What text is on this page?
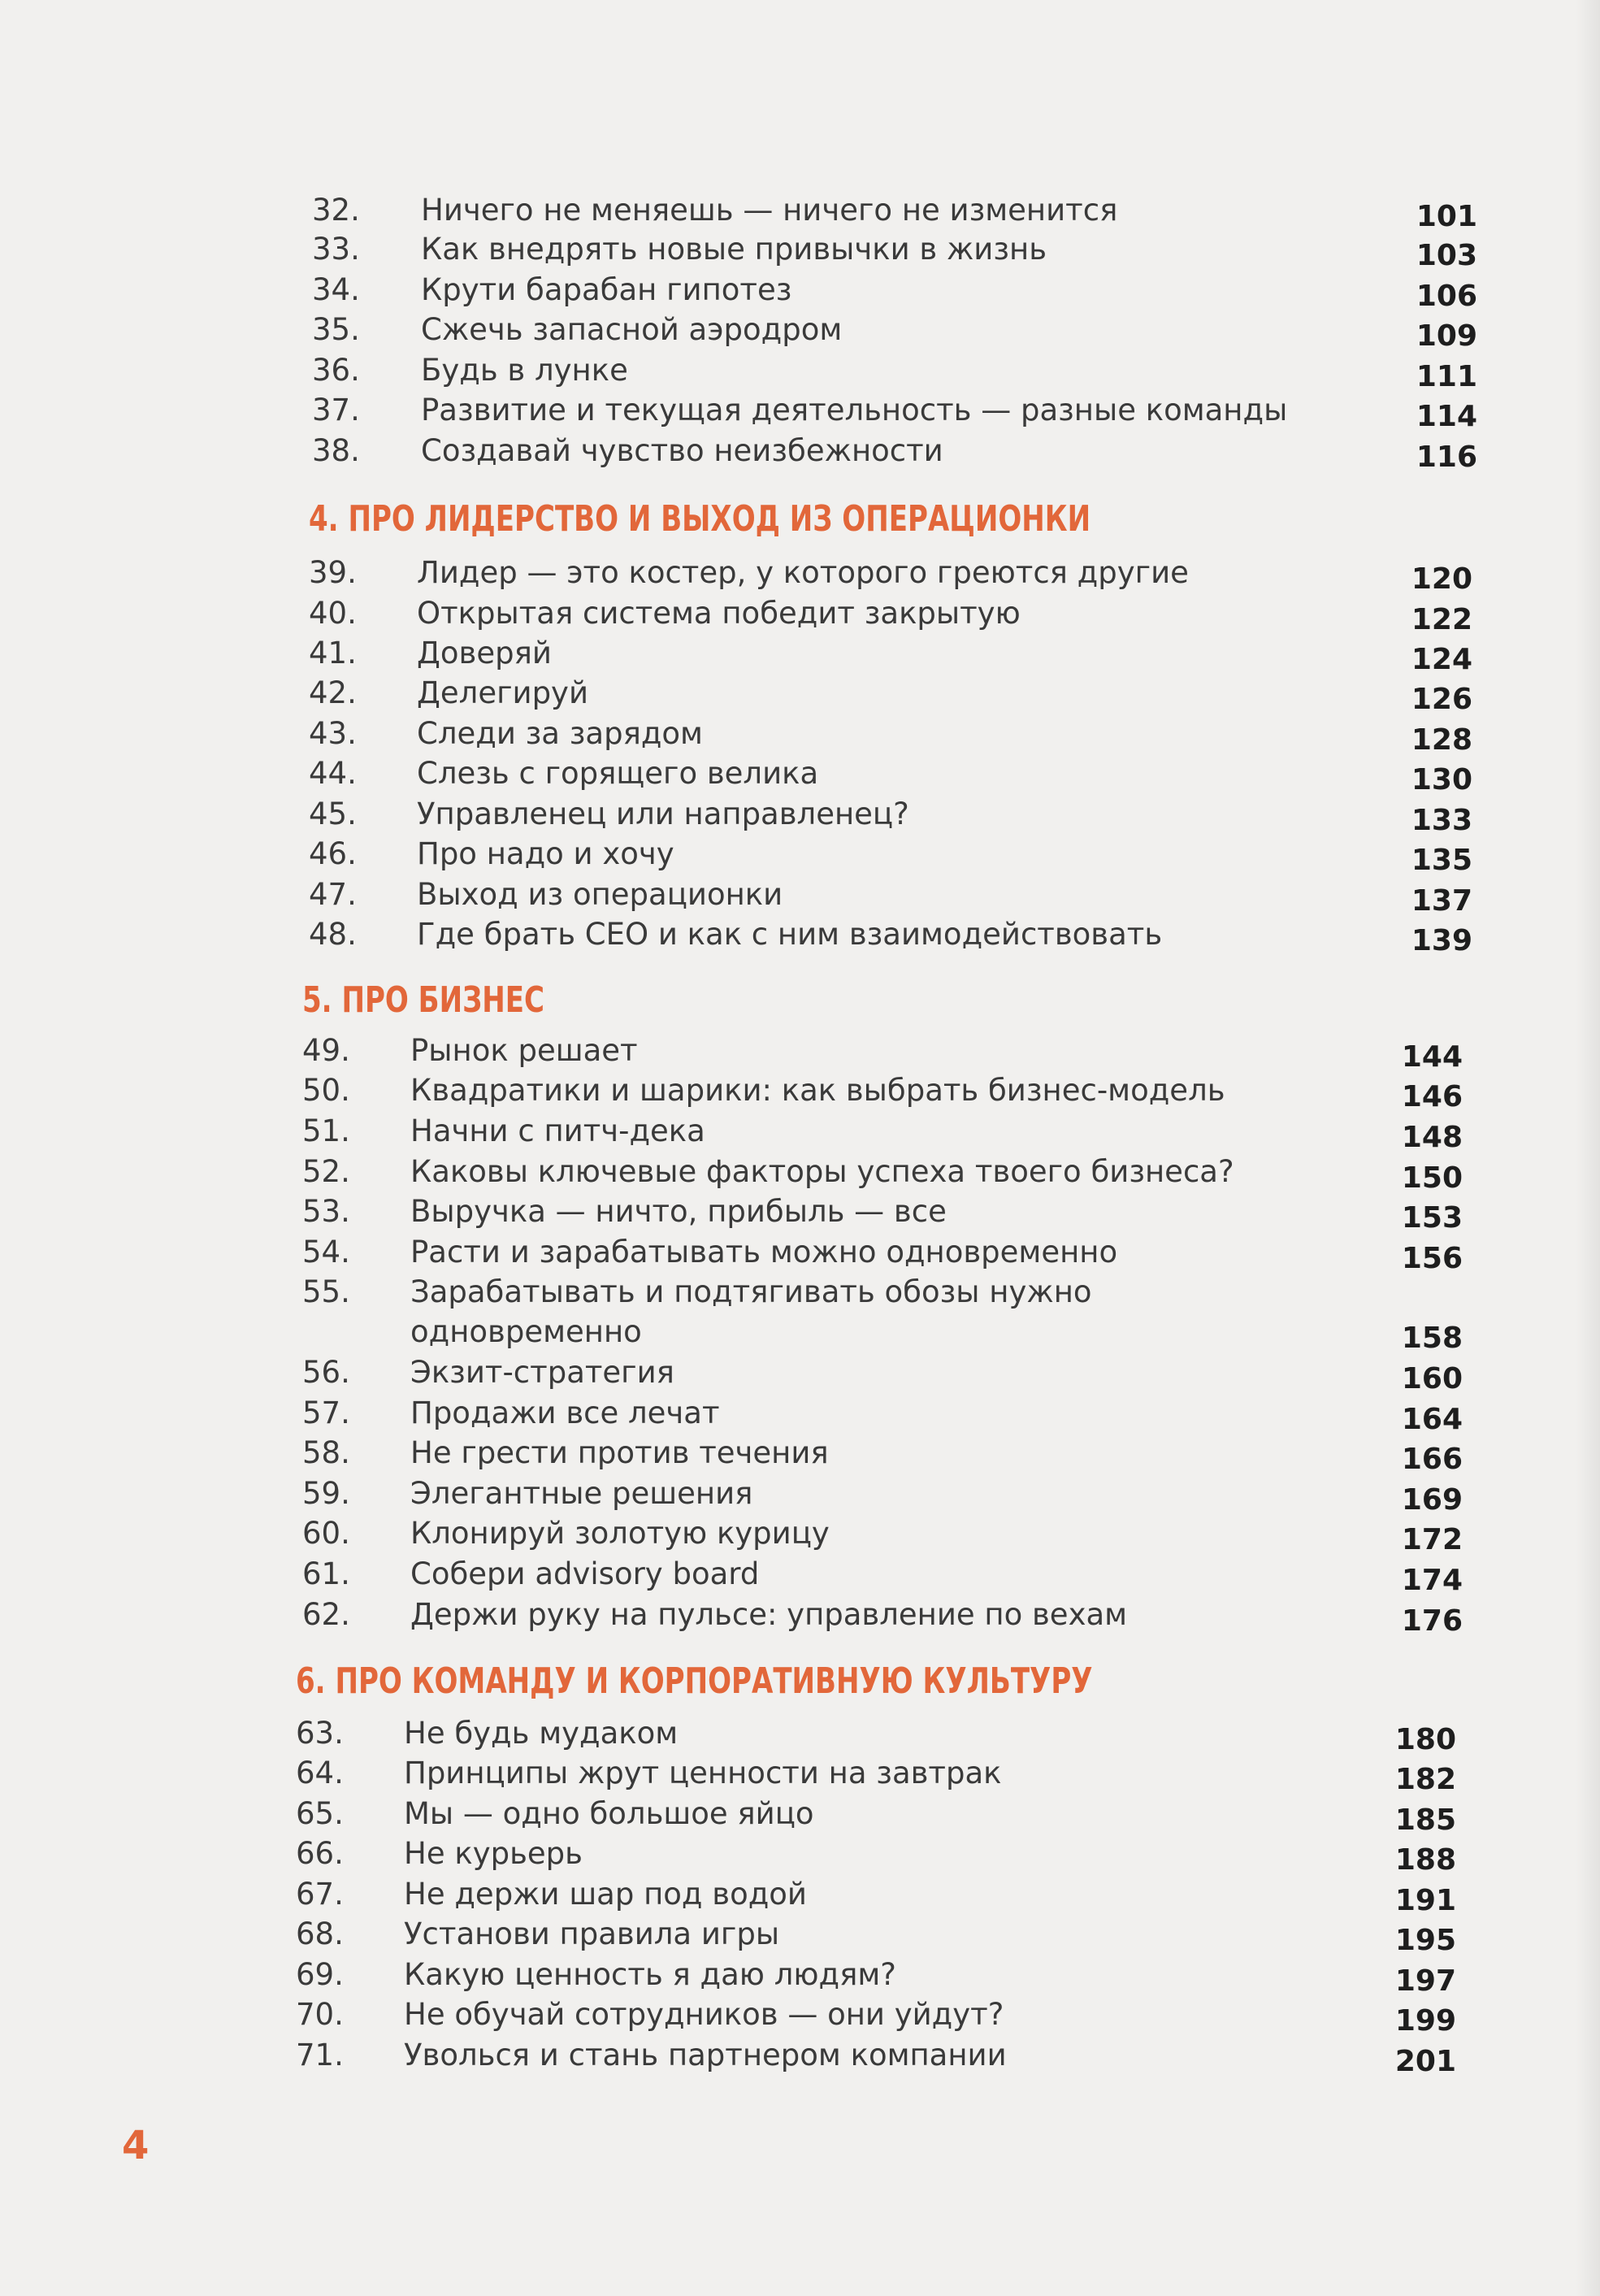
32. Ничего не меняешь — ничего не изменится	101
33. Как внедрять новые привычки в жизнь	103
34. Крути барабан гипотез	106
35. Сжечь запасной аэродром	109
36. Будь в лунке	111
37. Развитие и текущая деятельность — разные команды	114
38. Создавай чувство неизбежности	116
4. ПРО ЛИДЕРСТВО И ВЫХОД ИЗ ОПЕРАЦИОНКИ
39. Лидер — это костер, у которого греются другие	120
40. Открытая система победит закрытую	122
41. Доверяй	124
42. Делегируй	126
43. Следи за зарядом	128
44. Слезь с горящего велика	130
45. Управленец или направленец?	133
46. Про надо и хочу	135
47. Выход из операционки	137
48. Где брать CEO и как с ним взаимодействовать	139
5. ПРО БИЗНЕС
49. Рынок решает	144
50. Квадратики и шарики: как выбрать бизнес-модель	146
51. Начни с питч-дека	148
52. Каковы ключевые факторы успеха твоего бизнеса?	150
53. Выручка — ничто, прибыль — все	153
54. Расти и зарабатывать можно одновременно	156
55. Зарабатывать и подтягивать обозы нужно
одновременно	158
56. Экзит-стратегия	160
57. Продажи все лечат	164
58. Не грести против течения	166
59. Элегантные решения	169
60. Клонируй золотую курицу	172
61. Собери advisory board	174
62. Держи руку на пульсе: управление по вехам	176
6. ПРО КОМАНДУ И КОРПОРАТИВНУЮ КУЛЬТУРУ
63. Не будь мудаком	180
64. Принципы жрут ценности на завтрак	182
65. Мы — одно большое яйцо	185
66. Не курьерь	188
67. Не держи шар под водой	191
68. Установи правила игры	195
69. Какую ценность я даю людям?	197
70. Не обучай сотрудников — они уйдут?	199
71. Уволься и стань партнером компании	201
4
